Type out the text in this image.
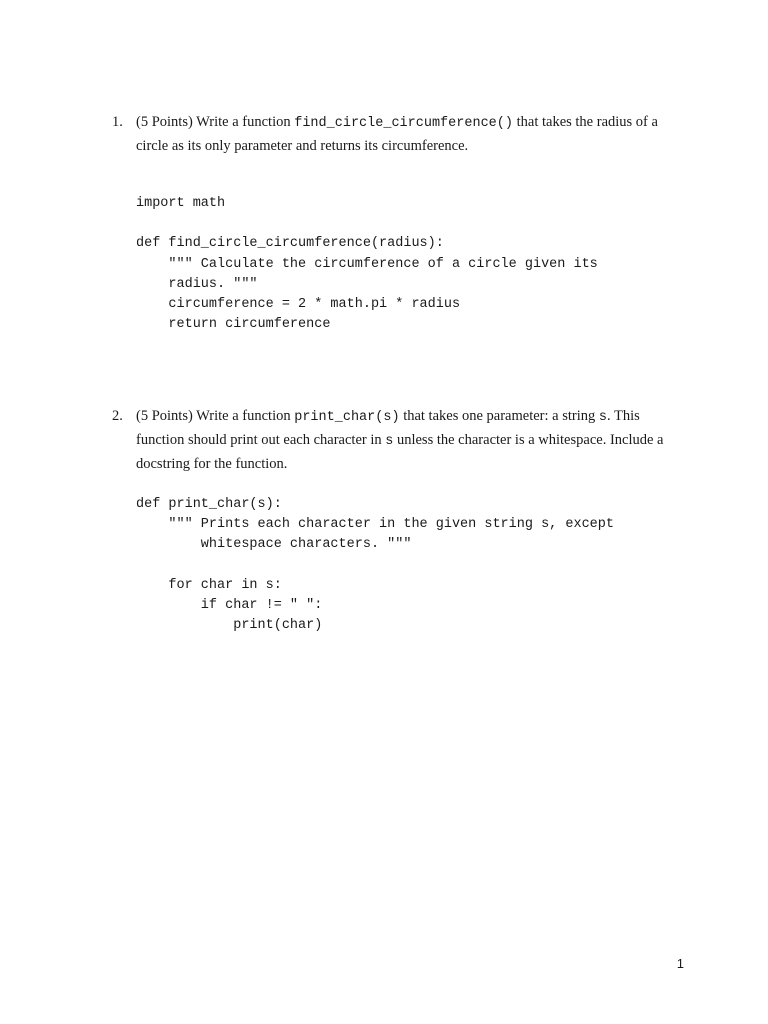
1. (5 Points) Write a function find_circle_circumference() that takes the radius of a circle as its only parameter and returns its circumference.
import math
def find_circle_circumference(radius):
""" Calculate the circumference of a circle given its
radius. """
circumference = 2 * math.pi * radius
return circumference
2. (5 Points) Write a function print_char(s) that takes one parameter: a string s. This function should print out each character in s unless the character is a whitespace. Include a docstring for the function.
def print_char(s):
""" Prints each character in the given string s, except
whitespace characters. """
for char in s:
if char != " ":
print(char)
1
